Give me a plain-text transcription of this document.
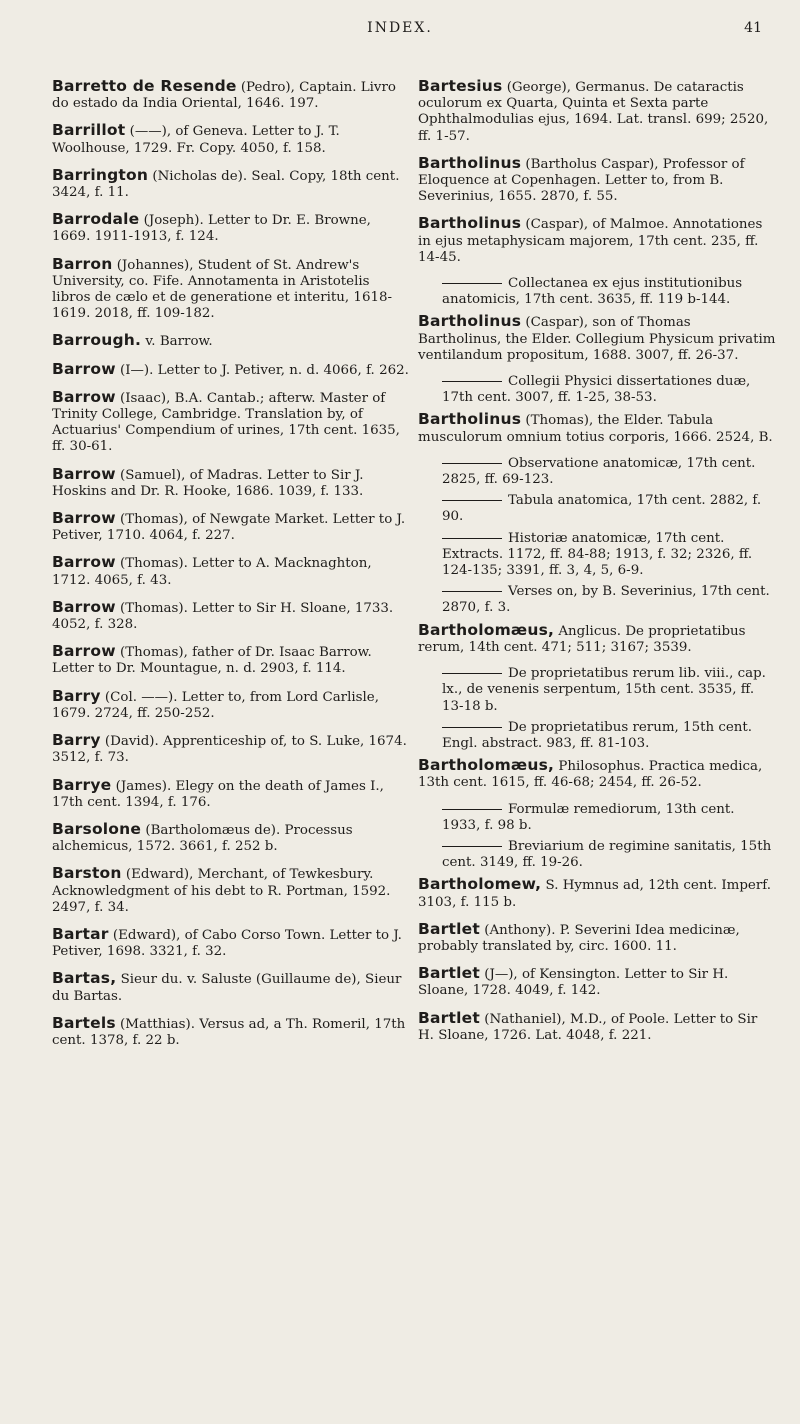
INDEX.	41
Barretto de Resende (Pedro), Captain. Livro do estado da India Oriental, 1646. 197.
Barrillot (——), of Geneva. Letter to J. T. Woolhouse, 1729. Fr. Copy. 4050, f. 158.
Barrington (Nicholas de). Seal. Copy, 18th cent. 3424, f. 11.
Barrodale (Joseph). Letter to Dr. E. Browne, 1669. 1911-1913, f. 124.
Barron (Johannes), Student of St. Andrew's University, co. Fife. Annotamenta in Aristotelis libros de cælo et de generatione et interitu, 1618-1619. 2018, ff. 109-182.
Barrough. v. Barrow.
Barrow (I—). Letter to J. Petiver, n. d. 4066, f. 262.
Barrow (Isaac), B.A. Cantab.; afterw. Master of Trinity College, Cambridge. Translation by, of Actuarius' Compendium of urines, 17th cent. 1635, ff. 30-61.
Barrow (Samuel), of Madras. Letter to Sir J. Hoskins and Dr. R. Hooke, 1686. 1039, f. 133.
Barrow (Thomas), of Newgate Market. Letter to J. Petiver, 1710. 4064, f. 227.
Barrow (Thomas). Letter to A. Macknaghton, 1712. 4065, f. 43.
Barrow (Thomas). Letter to Sir H. Sloane, 1733. 4052, f. 328.
Barrow (Thomas), father of Dr. Isaac Barrow. Letter to Dr. Mountague, n. d. 2903, f. 114.
Barry (Col. ——). Letter to, from Lord Carlisle, 1679. 2724, ff. 250-252.
Barry (David). Apprenticeship of, to S. Luke, 1674. 3512, f. 73.
Barrye (James). Elegy on the death of James I., 17th cent. 1394, f. 176.
Barsolone (Bartholomæus de). Processus alchemicus, 1572. 3661, f. 252 b.
Barston (Edward), Merchant, of Tewkesbury. Acknowledgment of his debt to R. Portman, 1592. 2497, f. 34.
Bartar (Edward), of Cabo Corso Town. Letter to J. Petiver, 1698. 3321, f. 32.
Bartas, Sieur du. v. Saluste (Guillaume de), Sieur du Bartas.
Bartels (Matthias). Versus ad, a Th. Romeril, 17th cent. 1378, f. 22 b.
Bartesius (George), Germanus. De cataractis oculorum ex Quarta, Quinta et Sexta parte Ophthalmodulias ejus, 1694. Lat. transl. 699; 2520, ff. 1-57.
Bartholinus (Bartholus Caspar), Professor of Eloquence at Copenhagen. Letter to, from B. Severinius, 1655. 2870, f. 55.
Bartholinus (Caspar), of Malmoe. Annotationes in ejus metaphysicam majorem, 17th cent. 235, ff. 14-45.
Collectanea ex ejus institutionibus anatomicis, 17th cent. 3635, ff. 119 b-144.
Bartholinus (Caspar), son of Thomas Bartholinus, the Elder. Collegium Physicum privatim ventilandum propositum, 1688. 3007, ff. 26-37.
Collegii Physici dissertationes duæ, 17th cent. 3007, ff. 1-25, 38-53.
Bartholinus (Thomas), the Elder. Tabula musculorum omnium totius corporis, 1666. 2524, B.
Observatione anatomicæ, 17th cent. 2825, ff. 69-123.
Tabula anatomica, 17th cent. 2882, f. 90.
Historiæ anatomicæ, 17th cent. Extracts. 1172, ff. 84-88; 1913, f. 32; 2326, ff. 124-135; 3391, ff. 3, 4, 5, 6-9.
Verses on, by B. Severinius, 17th cent. 2870, f. 3.
Bartholomæus, Anglicus. De proprietatibus rerum, 14th cent. 471; 511; 3167; 3539.
De proprietatibus rerum lib. viii., cap. lx., de venenis serpentum, 15th cent. 3535, ff. 13-18 b.
De proprietatibus rerum, 15th cent. Engl. abstract. 983, ff. 81-103.
Bartholomæus, Philosophus. Practica medica, 13th cent. 1615, ff. 46-68; 2454, ff. 26-52.
Formulæ remediorum, 13th cent. 1933, f. 98 b.
Breviarium de regimine sanitatis, 15th cent. 3149, ff. 19-26.
Bartholomew, S. Hymnus ad, 12th cent. Imperf. 3103, f. 115 b.
Bartlet (Anthony). P. Severini Idea medicinæ, probably translated by, circ. 1600. 11.
Bartlet (J—), of Kensington. Letter to Sir H. Sloane, 1728. 4049, f. 142.
Bartlet (Nathaniel), M.D., of Poole. Letter to Sir H. Sloane, 1726. Lat. 4048, f. 221.
